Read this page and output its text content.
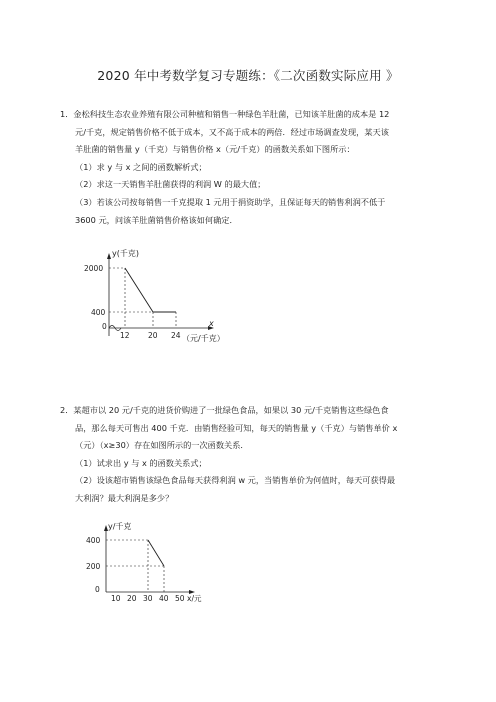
2020 年中考数学复习专题练：《二次函数实际应用 》

1．金松科技生态农业养殖有限公司种植和销售一种绿色羊肚菌，已知该羊肚菌的成本是 12

元/千克，规定销售价格不低于成本，又不高于成本的两倍．经过市场调查发现，某天该

羊肚菌的销售量 y（千克）与销售价格 x（元/千克）的函数关系如下图所示：

（1）求 y 与 x 之间的函数解析式；

（2）求这一天销售羊肚菌获得的利润 W 的最大值；

（3）若该公司按每销售一千克提取 1 元用于捐资助学，且保证每天的销售利润不低于

3600 元，问该羊肚菌销售价格该如何确定．

y(千克)
2000
400
0
12 20 24
x
（元/千克）

2．某超市以 20 元/千克的进货价购进了一批绿色食品，如果以 30 元/千克销售这些绿色食

品，那么每天可售出 400 千克．由销售经验可知，每天的销售量 y（千克）与销售单价 x

（元）（x≥30）存在如图所示的一次函数关系．

（1）试求出 y 与 x 的函数关系式；

（2）设该超市销售该绿色食品每天获得利润 w 元，当销售单价为何值时，每天可获得最

大利润？最大利润是多少？

y/千克
400
200
0
10 20 30 40 50 x/元
